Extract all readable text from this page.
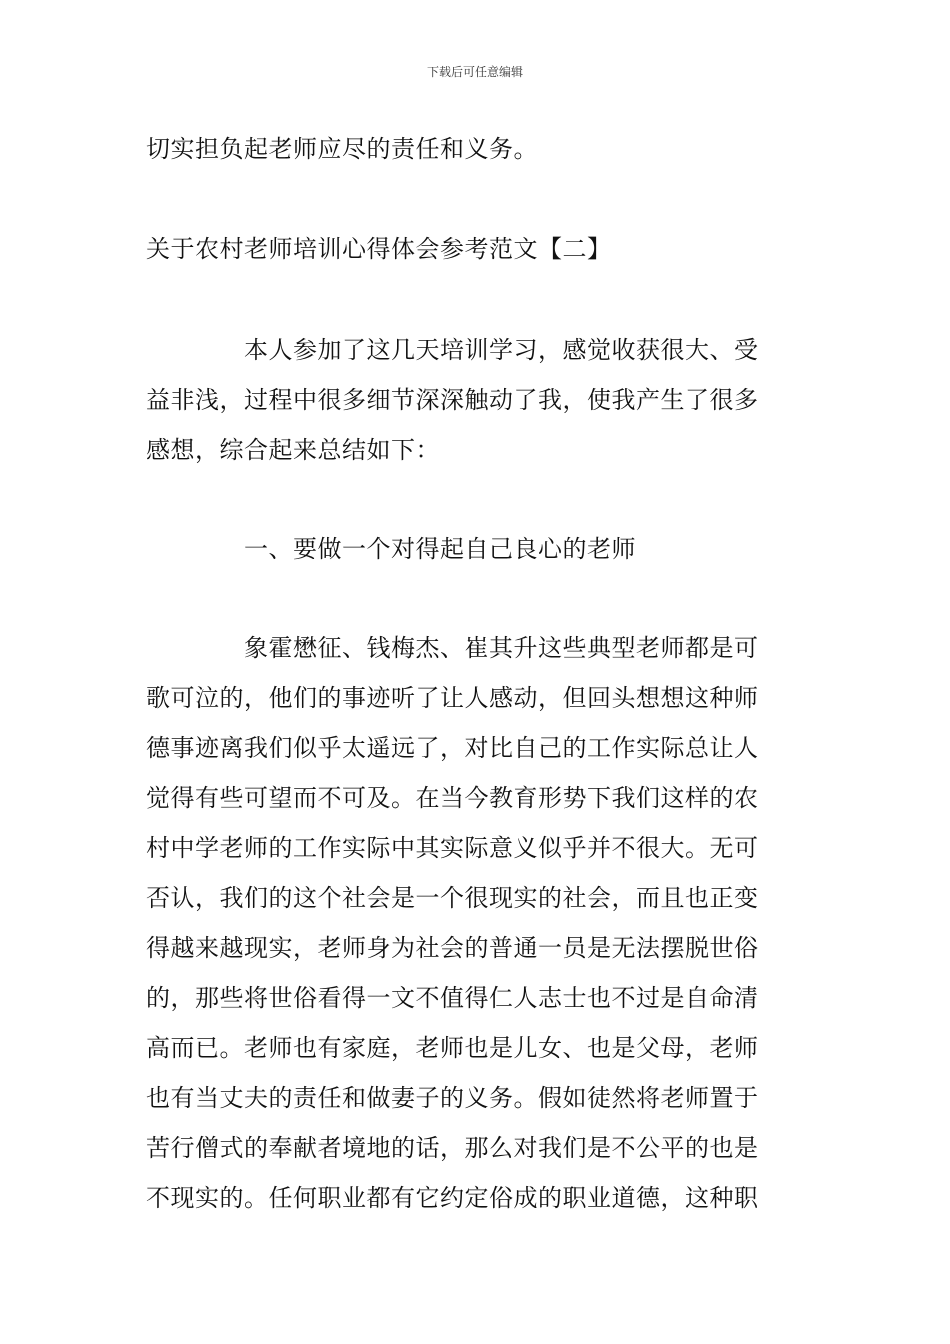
下载后可任意编辑
切实担负起老师应尽的责任和义务。
关于农村老师培训心得体会参考范文【二】
　　　　本人参加了这几天培训学习，感觉收获很大、受
益非浅，过程中很多细节深深触动了我，使我产生了很多
感想，综合起来总结如下：
　　　　一、要做一个对得起自己良心的老师
　　　　象霍懋征、钱梅杰、崔其升这些典型老师都是可
歌可泣的，他们的事迹听了让人感动，但回头想想这种师
德事迹离我们似乎太遥远了，对比自己的工作实际总让人
觉得有些可望而不可及。在当今教育形势下我们这样的农
村中学老师的工作实际中其实际意义似乎并不很大。无可
否认，我们的这个社会是一个很现实的社会，而且也正变
得越来越现实，老师身为社会的普通一员是无法摆脱世俗
的，那些将世俗看得一文不值得仁人志士也不过是自命清
高而已。老师也有家庭，老师也是儿女、也是父母，老师
也有当丈夫的责任和做妻子的义务。假如徒然将老师置于
苦行僧式的奉献者境地的话，那么对我们是不公平的也是
不现实的。任何职业都有它约定俗成的职业道德，这种职
